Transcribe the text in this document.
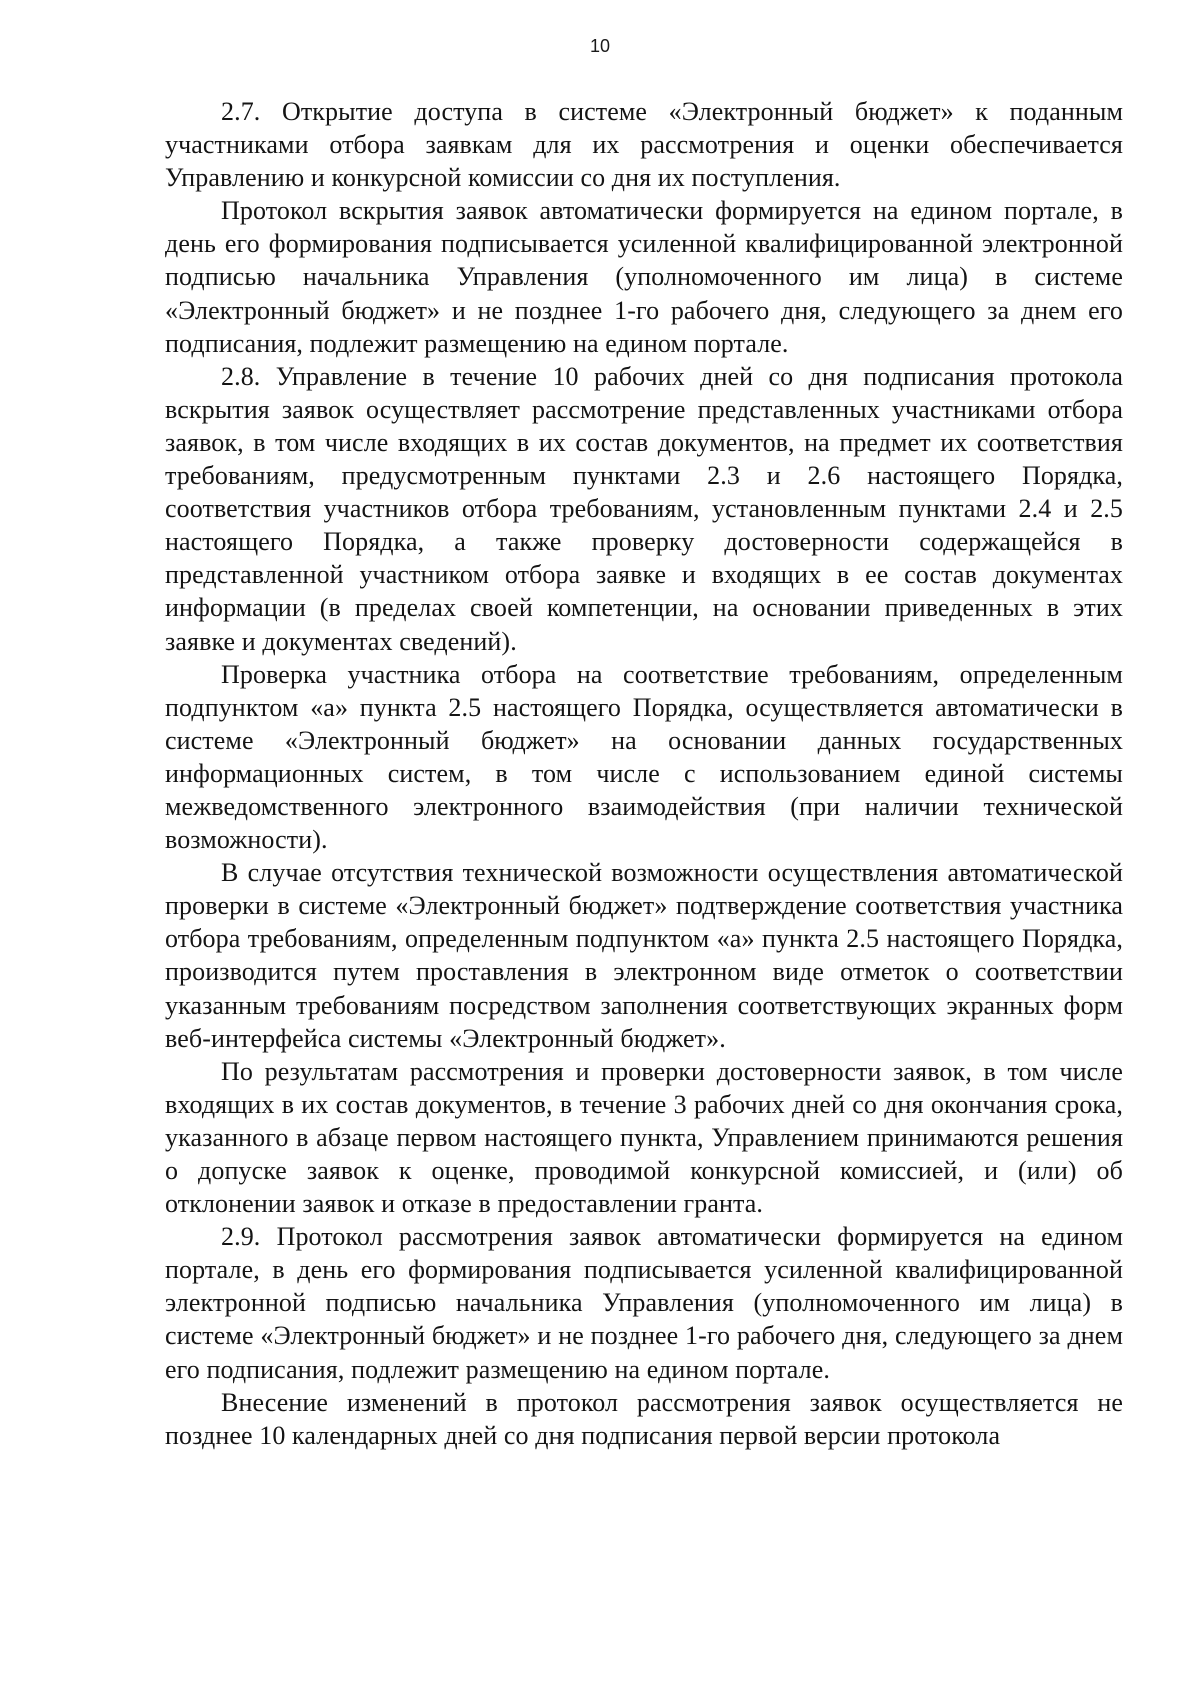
10

2.7. Открытие доступа в системе «Электронный бюджет» к поданным участниками отбора заявкам для их рассмотрения и оценки обеспечивается Управлению и конкурсной комиссии со дня их поступления.

Протокол вскрытия заявок автоматически формируется на едином портале, в день его формирования подписывается усиленной квалифицированной электронной подписью начальника Управления (уполномоченного им лица) в системе «Электронный бюджет» и не позднее 1-го рабочего дня, следующего за днем его подписания, подлежит размещению на едином портале.

2.8. Управление в течение 10 рабочих дней со дня подписания протокола вскрытия заявок осуществляет рассмотрение представленных участниками отбора заявок, в том числе входящих в их состав документов, на предмет их соответствия требованиям, предусмотренным пунктами 2.3 и 2.6 настоящего Порядка, соответствия участников отбора требованиям, установленным пунктами 2.4 и 2.5 настоящего Порядка, а также проверку достоверности содержащейся в представленной участником отбора заявке и входящих в ее состав документах информации (в пределах своей компетенции, на основании приведенных в этих заявке и документах сведений).

Проверка участника отбора на соответствие требованиям, определенным подпунктом «а» пункта 2.5 настоящего Порядка, осуществляется автоматически в системе «Электронный бюджет» на основании данных государственных информационных систем, в том числе с использованием единой системы межведомственного электронного взаимодействия (при наличии технической возможности).

В случае отсутствия технической возможности осуществления автоматической проверки в системе «Электронный бюджет» подтверждение соответствия участника отбора требованиям, определенным подпунктом «а» пункта 2.5 настоящего Порядка, производится путем проставления в электронном виде отметок о соответствии указанным требованиям посредством заполнения соответствующих экранных форм веб-интерфейса системы «Электронный бюджет».

По результатам рассмотрения и проверки достоверности заявок, в том числе входящих в их состав документов, в течение 3 рабочих дней со дня окончания срока, указанного в абзаце первом настоящего пункта, Управлением принимаются решения о допуске заявок к оценке, проводимой конкурсной комиссией, и (или) об отклонении заявок и отказе в предоставлении гранта.

2.9. Протокол рассмотрения заявок автоматически формируется на едином портале, в день его формирования подписывается усиленной квалифицированной электронной подписью начальника Управления (уполномоченного им лица) в системе «Электронный бюджет» и не позднее 1-го рабочего дня, следующего за днем его подписания, подлежит размещению на едином портале.

Внесение изменений в протокол рассмотрения заявок осуществляется не позднее 10 календарных дней со дня подписания первой версии протокола
